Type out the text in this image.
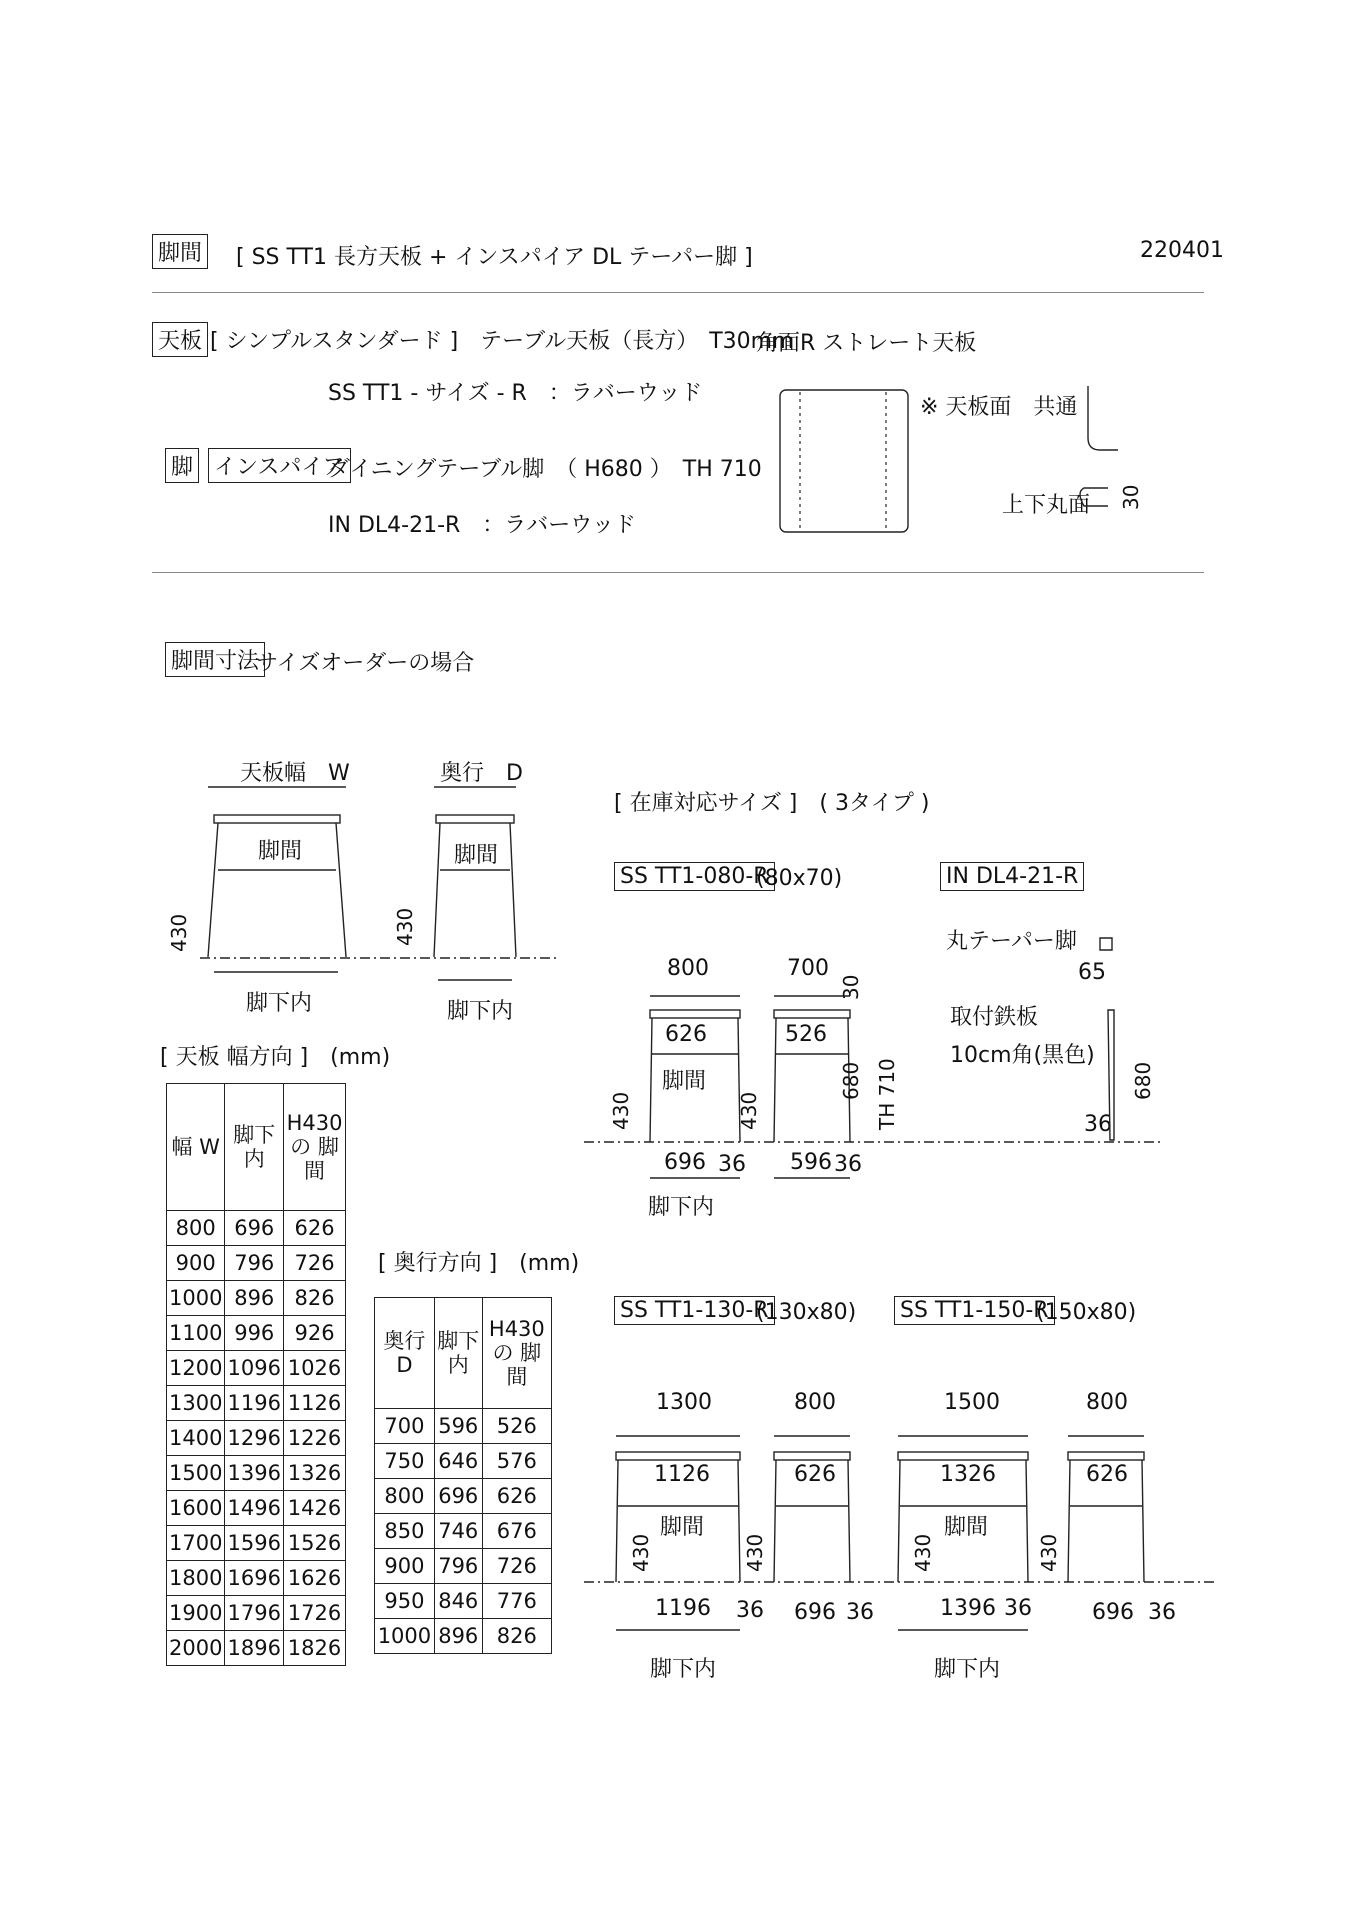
脚間 [ SS TT1 長方天板 + インスパイア DL テーパー脚 ]	220401
天板 [ シンプルスタンダード ]　テーブル天板（長方）　T30mm
SS TT1 - サイズ - R　：ラバーウッド
脚 インスパイア
ダイニングテーブル脚　（ H680 ）　TH 710
IN DL4-21-R　：ラバーウッド
角面R ストレート天板
※ 天板面　共通
上下丸面
脚間寸法
サイズオーダーの場合
天板幅　W	奥行　D
脚間	脚間
脚下内	脚下内
[ 天板 幅方向 ]　(mm)
幅 W	脚下内	H430の 脚間
800	696	626
900	796	726
1000	896	826
1100	996	926
1200	1096	1026
1300	1196	1126
1400	1296	1226
1500	1396	1326
1600	1496	1426
1700	1596	1526
1800	1696	1626
1900	1796	1726
2000	1896	1826
[ 奥行方向 ]　(mm)
奥行 D	脚下内	H430の 脚間
700	596	526
750	646	576
800	696	626
850	746	676
900	796	726
950	846	776
1000	896	826
[ 在庫対応サイズ ]　( 3タイプ )
SS TT1-080-R
(80x70)	IN DL4-21-R
丸テーパー脚
取付鉄板
10cm角(黒色)
SS TT1-130-R
(130x80) SS TT1-150-R
(150x80)
800	700
626	526
脚間
696	596
36	36
脚下内
65
36
1300	800	1500	800
1126	626	1326	626
脚間	脚間
1196 36 696 36	1396 36	696 36
脚下内	脚下内
30
430	430
430	430
30
680 TH 710	680
430	430	430	430
